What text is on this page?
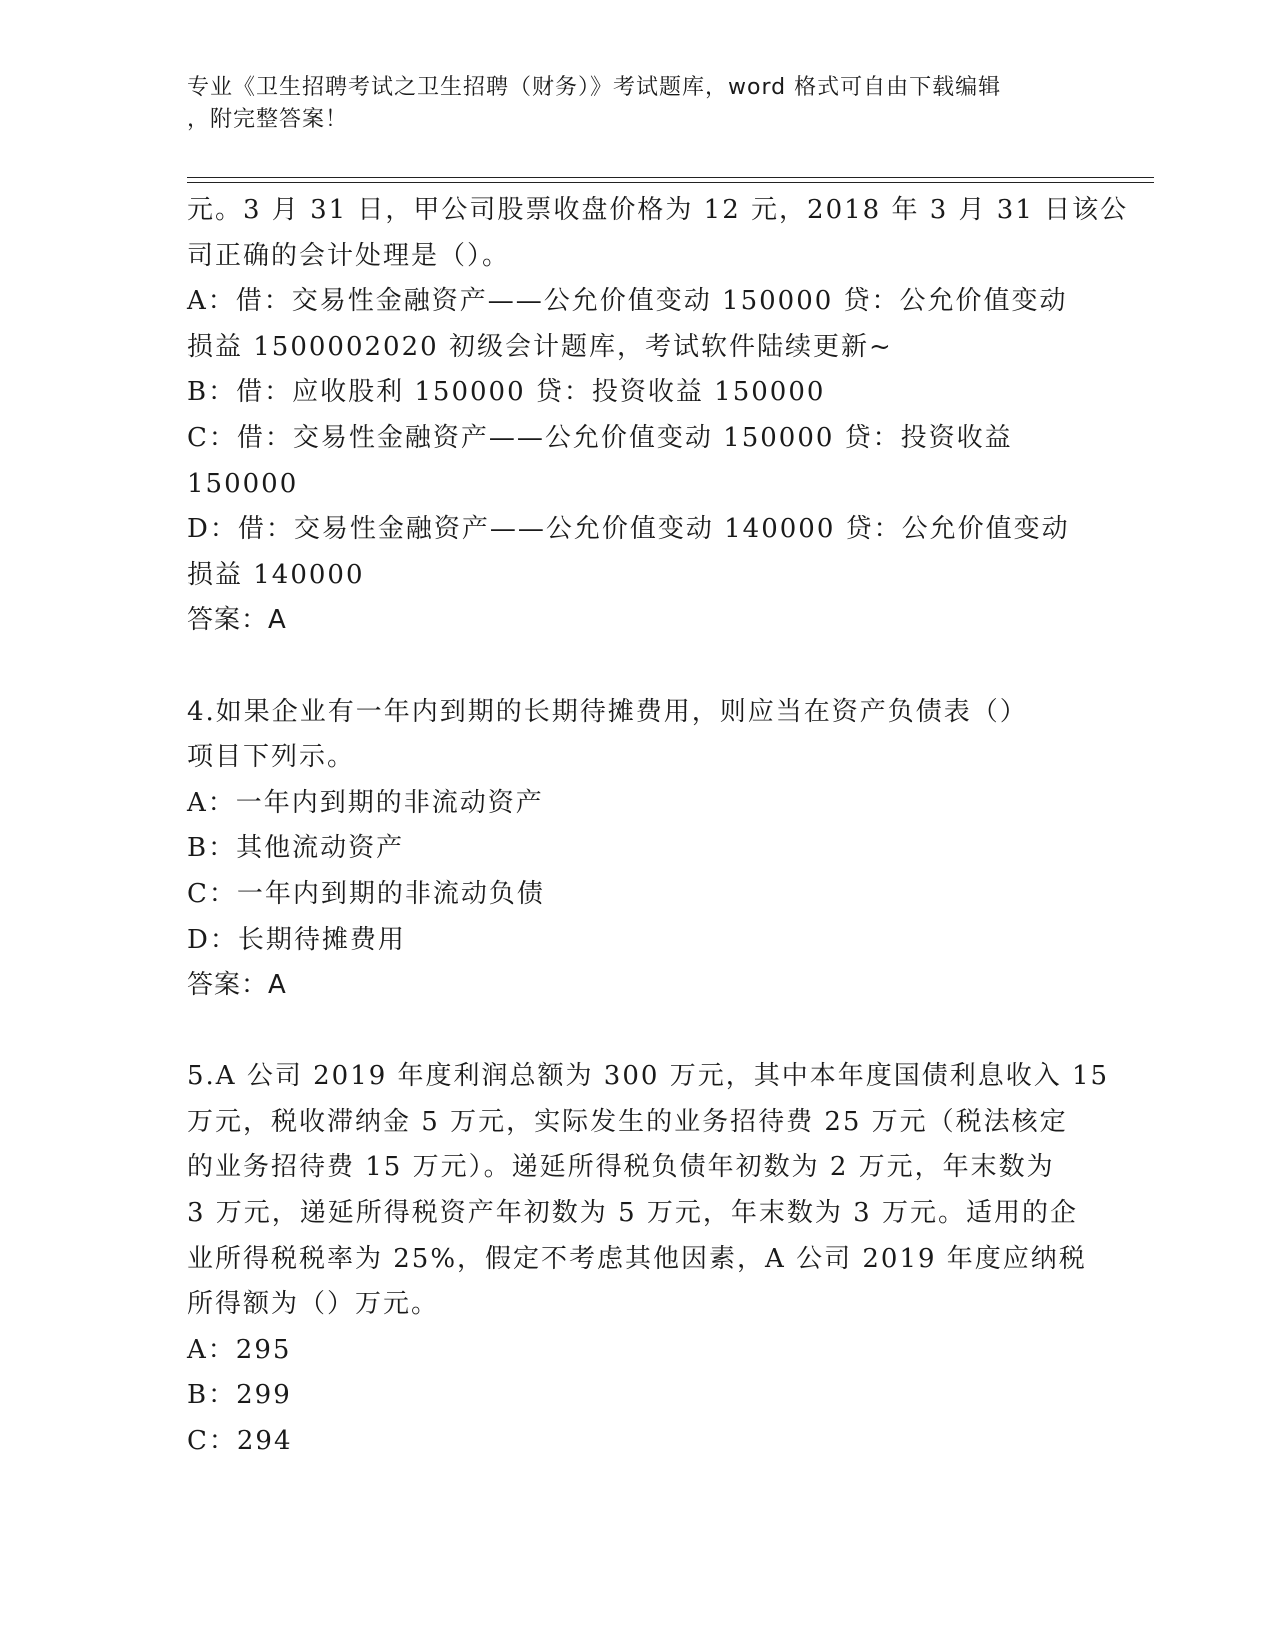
专业《卫生招聘考试之卫生招聘（财务）》考试题库，word 格式可自由下载编辑
，附完整答案！
元。3 月 31 日，甲公司股票收盘价格为 12 元，2018 年 3 月 31 日该公
司正确的会计处理是（）。
A：借：交易性金融资产——公允价值变动 150000 贷：公允价值变动
损益 1500002020 初级会计题库，考试软件陆续更新~
B：借：应收股利 150000 贷：投资收益 150000
C：借：交易性金融资产——公允价值变动 150000 贷：投资收益
150000
D：借：交易性金融资产——公允价值变动 140000 贷：公允价值变动
损益 140000
答案：A
4.如果企业有一年内到期的长期待摊费用，则应当在资产负债表（）
项目下列示。
A：一年内到期的非流动资产
B：其他流动资产
C：一年内到期的非流动负债
D：长期待摊费用
答案：A
5.A 公司 2019 年度利润总额为 300 万元，其中本年度国债利息收入 15
万元，税收滞纳金 5 万元，实际发生的业务招待费 25 万元（税法核定
的业务招待费 15 万元）。递延所得税负债年初数为 2 万元，年末数为
3 万元，递延所得税资产年初数为 5 万元，年末数为 3 万元。适用的企
业所得税税率为 25%，假定不考虑其他因素，A 公司 2019 年度应纳税
所得额为（）万元。
A：295
B：299
C：294
